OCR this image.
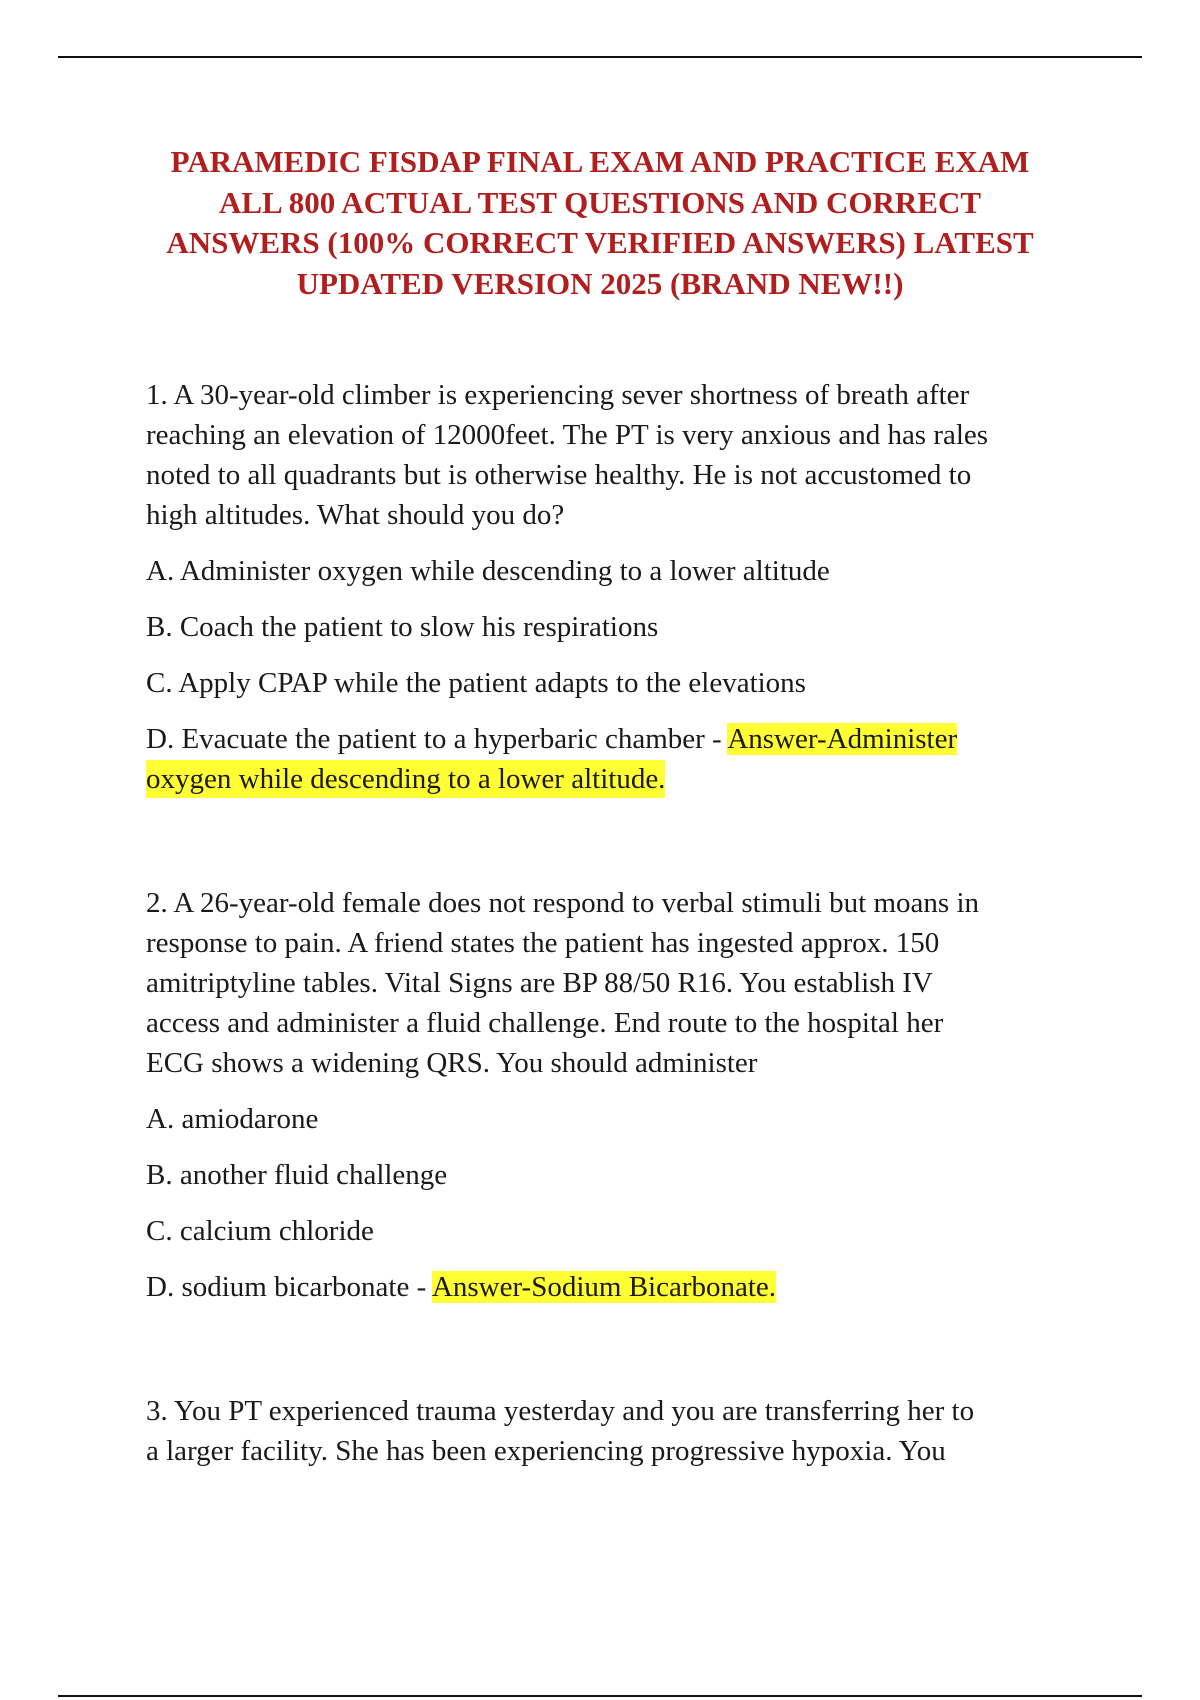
PARAMEDIC FISDAP FINAL EXAM AND PRACTICE EXAM
ALL 800 ACTUAL TEST QUESTIONS AND CORRECT
ANSWERS (100% CORRECT VERIFIED ANSWERS) LATEST
UPDATED VERSION 2025 (BRAND NEW!!)
1. A 30-year-old climber is experiencing sever shortness of breath after
reaching an elevation of 12000feet. The PT is very anxious and has rales
noted to all quadrants but is otherwise healthy. He is not accustomed to
high altitudes. What should you do?
A. Administer oxygen while descending to a lower altitude
B. Coach the patient to slow his respirations
C. Apply CPAP while the patient adapts to the elevations
D. Evacuate the patient to a hyperbaric chamber - Answer-Administer
oxygen while descending to a lower altitude.
2. A 26-year-old female does not respond to verbal stimuli but moans in
response to pain. A friend states the patient has ingested approx. 150
amitriptyline tables. Vital Signs are BP 88/50 R16. You establish IV
access and administer a fluid challenge. End route to the hospital her
ECG shows a widening QRS. You should administer
A. amiodarone
B. another fluid challenge
C. calcium chloride
D. sodium bicarbonate - Answer-Sodium Bicarbonate.
3. You PT experienced trauma yesterday and you are transferring her to
a larger facility. She has been experiencing progressive hypoxia. You
